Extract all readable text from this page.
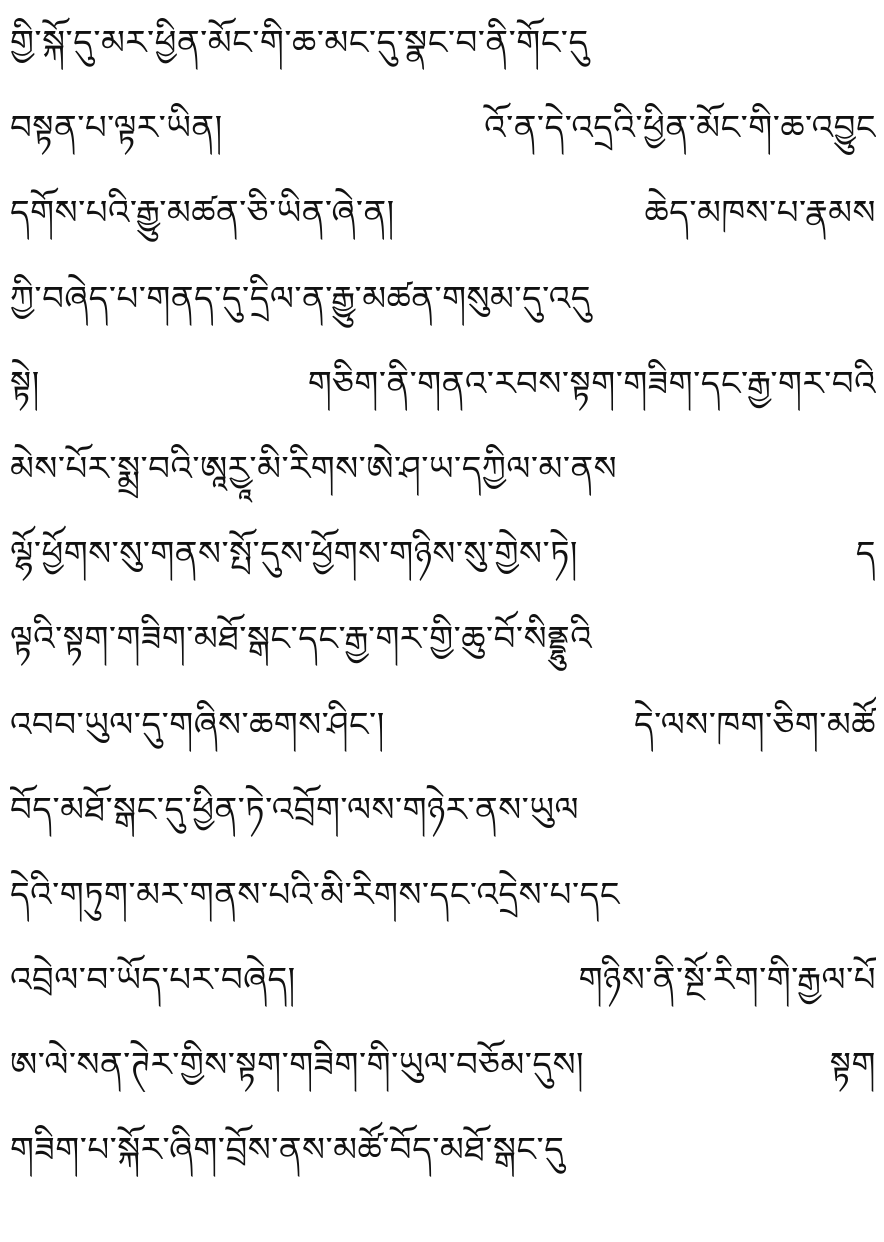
གྱི་སྐོ་དུ་མར་ཕྱིན་མོང་གི་ཆ་མང་དུ་སྣང་བ་ནི་གོང་དུ
བསྟན་པ་ལྟར་ཡིན། འོ་ན་དེ་འདྲའི་ཕྱིན་མོང་གི་ཆ་འབྱུང
དགོས་པའི་རྒྱུ་མཚན་ཅི་ཡིན་ཞེ་ན། ཆེད་མཁས་པ་རྣམས
ཀྱི་བཞེད་པ་གནད་དུ་དྲིལ་ན་རྒྱུ་མཚན་གསུམ་དུ་འདུ
སྟེ། གཅིག་ནི་གནའ་རབས་སྟག་གཟིག་དང་རྒྱ་གར་བའི
མེས་པོར་སྨྲ་བའི་ཨཱརྱཱ་མི་རིགས་ཨེ་ཤ་ཡ་དཀྱིལ་མ་ནས
ལྷོ་ཕྱོགས་སུ་གནས་སྤོ་དུས་ཕྱོགས་གཉིས་སུ་གྱེས་ཏེ། ད
ལྟའི་སྟག་གཟིག་མཐོ་སྒང་དང་རྒྱ་གར་གྱི་ཆུ་བོ་སིནྡྷུའི
འབབ་ཡུལ་དུ་གཞིས་ཆགས་ཤིང་། དེ་ལས་ཁག་ཅིག་མཚོ
བོད་མཐོ་སྒང་དུ་ཕྱིན་ཏེ་འབྲོག་ལས་གཉེར་ནས་ཡུལ
དེའི་གཏུག་མར་གནས་པའི་མི་རིགས་དང་འདྲེས་པ་དང
འབྲེལ་བ་ཡོད་པར་བཞེད། གཉིས་ནི་སྔོ་རིག་གི་རྒྱལ་པོ
ཨ་ལེ་སན་ཊེར་གྱིས་སྟག་གཟིག་གི་ཡུལ་བཅོམ་དུས། སྟག
གཟིག་པ་སྐོར་ཞིག་བྲོས་ནས་མཚོ་བོད་མཐོ་སྒང་དུ
